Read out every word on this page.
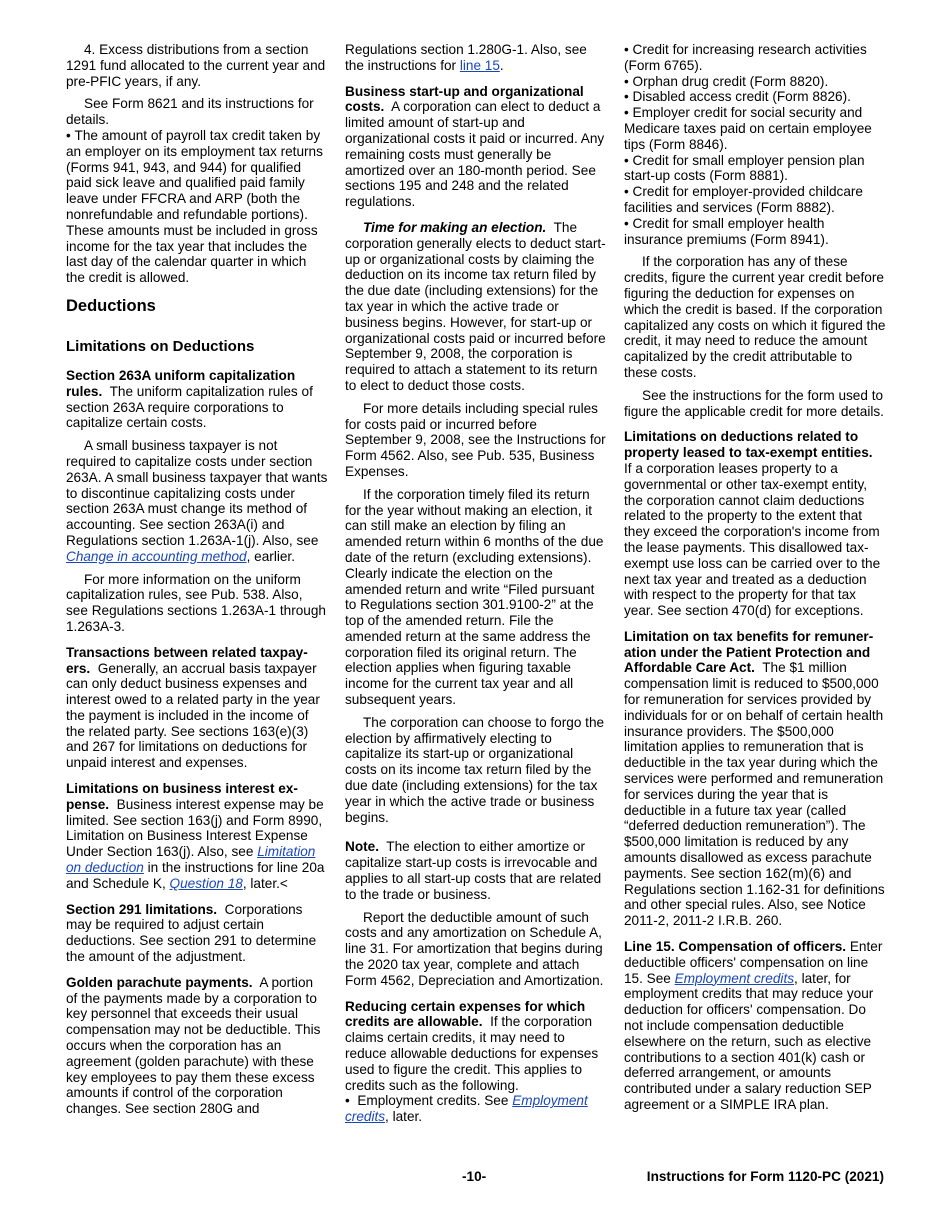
4. Excess distributions from a section 1291 fund allocated to the current year and pre-PFIC years, if any.

See Form 8621 and its instructions for details.

• The amount of payroll tax credit taken by an employer on its employment tax returns (Forms 941, 943, and 944) for qualified paid sick leave and qualified paid family leave under FFCRA and ARP (both the nonrefundable and refundable portions). These amounts must be included in gross income for the tax year that includes the last day of the calendar quarter in which the credit is allowed.

Deductions
Limitations on Deductions

Section 263A uniform capitalization rules. The uniform capitalization rules of section 263A require corporations to capitalize certain costs.

A small business taxpayer is not required to capitalize costs under section 263A. A small business taxpayer that wants to discontinue capitalizing costs under section 263A must change its method of accounting. See section 263A(i) and Regulations section 1.263A-1(j). Also, see Change in accounting method, earlier.

For more information on the uniform capitalization rules, see Pub. 538. Also, see Regulations sections 1.263A-1 through 1.263A-3.

Transactions between related taxpay-ers. Generally, an accrual basis taxpayer can only deduct business expenses and interest owed to a related party in the year the payment is included in the income of the related party. See sections 163(e)(3) and 267 for limitations on deductions for unpaid interest and expenses.

Limitations on business interest ex-pense. Business interest expense may be limited. See section 163(j) and Form 8990, Limitation on Business Interest Expense Under Section 163(j). Also, see Limitation on deduction in the instructions for line 20a and Schedule K, Question 18, later.<

Section 291 limitations. Corporations may be required to adjust certain deductions. See section 291 to determine the amount of the adjustment.

Golden parachute payments. A portion of the payments made by a corporation to key personnel that exceeds their usual compensation may not be deductible. This occurs when the corporation has an agreement (golden parachute) with these key employees to pay them these excess amounts if control of the corporation changes. See section 280G and

Regulations section 1.280G-1. Also, see the instructions for line 15.

Business start-up and organizational costs. A corporation can elect to deduct a limited amount of start-up and organizational costs it paid or incurred. Any remaining costs must generally be amortized over an 180-month period. See sections 195 and 248 and the related regulations.

Time for making an election. The corporation generally elects to deduct start-up or organizational costs by claiming the deduction on its income tax return filed by the due date (including extensions) for the tax year in which the active trade or business begins. However, for start-up or organizational costs paid or incurred before September 9, 2008, the corporation is required to attach a statement to its return to elect to deduct those costs.

For more details including special rules for costs paid or incurred before September 9, 2008, see the Instructions for Form 4562. Also, see Pub. 535, Business Expenses.

If the corporation timely filed its return for the year without making an election, it can still make an election by filing an amended return within 6 months of the due date of the return (excluding extensions). Clearly indicate the election on the amended return and write “Filed pursuant to Regulations section 301.9100-2” at the top of the amended return. File the amended return at the same address the corporation filed its original return. The election applies when figuring taxable income for the current tax year and all subsequent years.

The corporation can choose to forgo the election by affirmatively electing to capitalize its start-up or organizational costs on its income tax return filed by the due date (including extensions) for the tax year in which the active trade or business begins.

Note. The election to either amortize or capitalize start-up costs is irrevocable and applies to all start-up costs that are related to the trade or business.

Report the deductible amount of such costs and any amortization on Schedule A, line 31. For amortization that begins during the 2020 tax year, complete and attach Form 4562, Depreciation and Amortization.

Reducing certain expenses for which credits are allowable. If the corporation claims certain credits, it may need to reduce allowable deductions for expenses used to figure the credit. This applies to credits such as the following.

• Employment credits. See Employment credits, later.

• Credit for increasing research activities (Form 6765).

• Orphan drug credit (Form 8820).

• Disabled access credit (Form 8826).

• Employer credit for social security and Medicare taxes paid on certain employee tips (Form 8846).

• Credit for small employer pension plan start-up costs (Form 8881).

• Credit for employer-provided childcare facilities and services (Form 8882).

• Credit for small employer health insurance premiums (Form 8941).

If the corporation has any of these credits, figure the current year credit before figuring the deduction for expenses on which the credit is based. If the corporation capitalized any costs on which it figured the credit, it may need to reduce the amount capitalized by the credit attributable to these costs.

See the instructions for the form used to figure the applicable credit for more details.

Limitations on deductions related to property leased to tax-exempt entities.  If a corporation leases property to a governmental or other tax-exempt entity, the corporation cannot claim deductions related to the property to the extent that they exceed the corporation's income from the lease payments. This disallowed tax-exempt use loss can be carried over to the next tax year and treated as a deduction with respect to the property for that tax year. See section 470(d) for exceptions.

Limitation on tax benefits for remuner-ation under the Patient Protection and Affordable Care Act. The $1 million compensation limit is reduced to $500,000 for remuneration for services provided by individuals for or on behalf of certain health insurance providers. The $500,000 limitation applies to remuneration that is deductible in the tax year during which the services were performed and remuneration for services during the year that is deductible in a future tax year (called “deferred deduction remuneration”). The $500,000 limitation is reduced by any amounts disallowed as excess parachute payments. See section 162(m)(6) and Regulations section 1.162-31 for definitions and other special rules. Also, see Notice 2011-2, 2011-2 I.R.B. 260.

Line 15. Compensation of officers. Enter deductible officers' compensation on line 15. See Employment credits, later, for employment credits that may reduce your deduction for officers' compensation. Do not include compensation deductible elsewhere on the return, such as elective contributions to a section 401(k) cash or deferred arrangement, or amounts contributed under a salary reduction SEP agreement or a SIMPLE IRA plan.

-10-	Instructions for Form 1120-PC (2021)
